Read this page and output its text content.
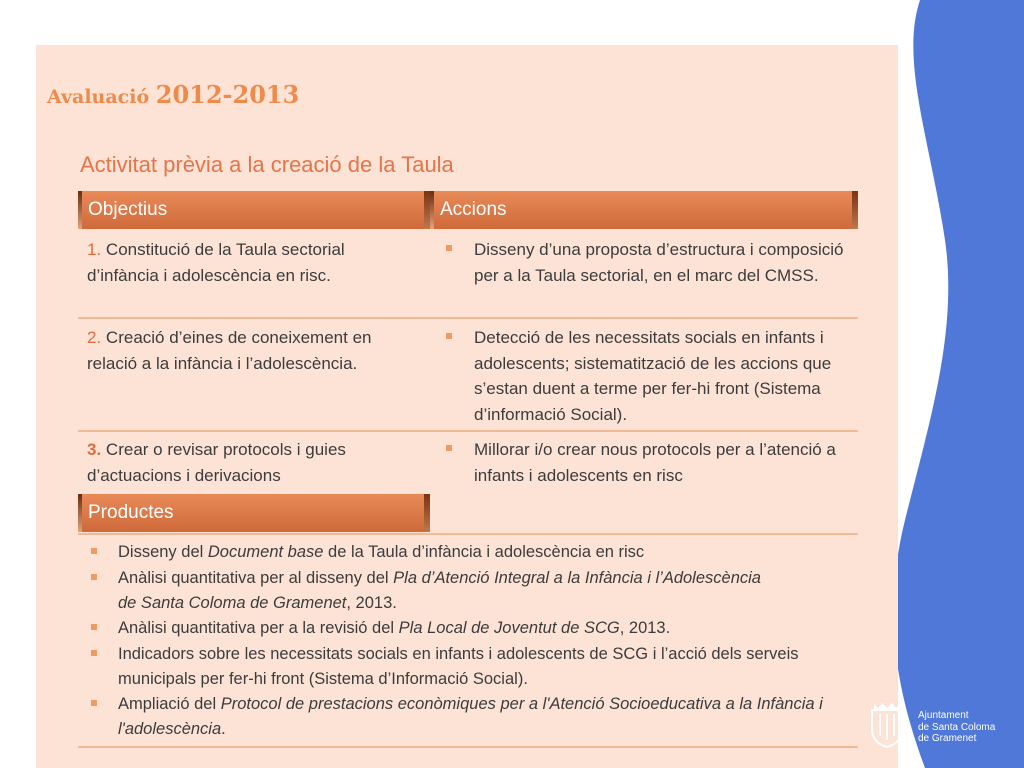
Avaluació 2012-2013
Activitat prèvia a la creació de la Taula
Objectius	Accions
1. Constitució de la Taula sectorial d’infància i adolescència en risc.
Disseny d’una proposta d’estructura i composició per a la Taula sectorial, en el marc del CMSS.
2. Creació d’eines de coneixement en relació a la infància i l’adolescència.
Detecció de les necessitats socials en infants i adolescents; sistematització de les accions que s’estan duent a terme per fer-hi front (Sistema d’informació Social).
3. Crear o revisar protocols i guies d’actuacions i derivacions
Millorar i/o crear nous protocols per a l’atenció a infants i adolescents en risc
Productes
Disseny del Document base de la Taula d’infància i adolescència en risc
Anàlisi quantitativa per al disseny del Pla d’Atenció Integral a la Infància i l’Adolescència de Santa Coloma de Gramenet, 2013.
Anàlisi quantitativa per a la revisió del Pla Local de Joventut de SCG, 2013.
Indicadors sobre les necessitats socials en infants i adolescents de SCG i l’acció dels serveis municipals per fer-hi front (Sistema d’Informació Social).
Ampliació del Protocol de prestacions econòmiques per a l'Atenció Socioeducativa a la Infància i l'adolescència.
Ajuntament
de Santa Coloma
de Gramenet
